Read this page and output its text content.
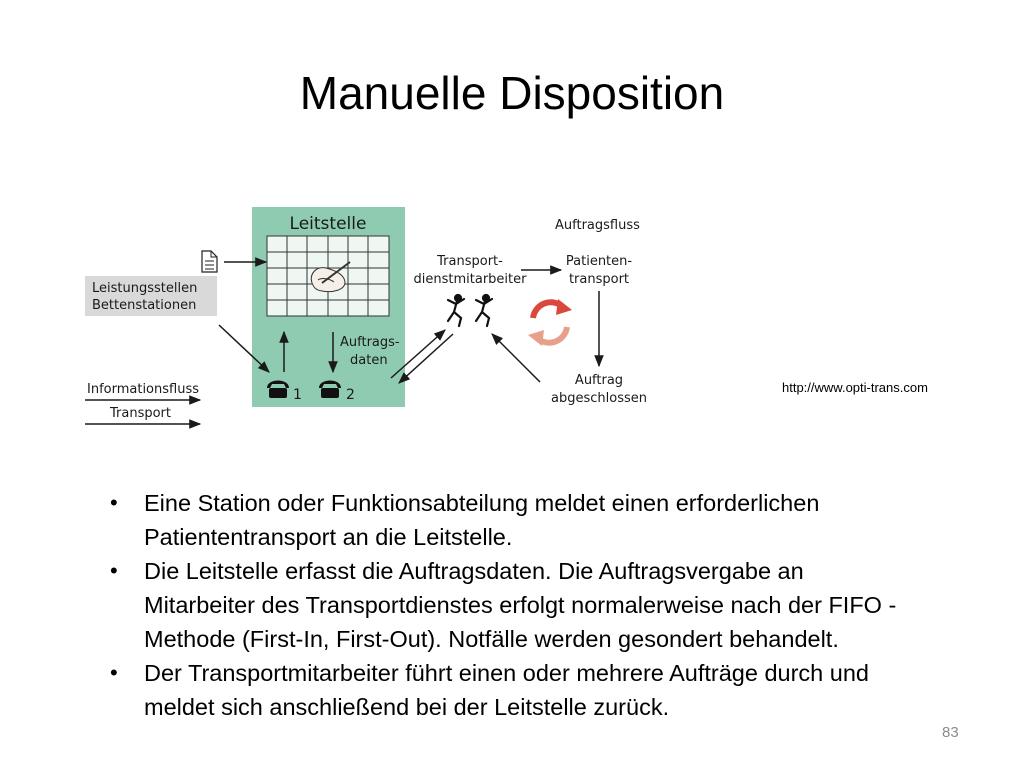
Manuelle Disposition
Leitstelle
Auftrags-
daten
1	2
Leistungsstellen
Bettenstationen
Informationsfluss
Transport
Transport-
dienstmitarbeiter
Auftragsfluss
Patienten-
transport
Auftrag
abgeschlossen
http://www.opti-trans.com
• Eine Station oder Funktionsabteilung meldet einen erforderlichen Patiententransport an die Leitstelle.
• Die Leitstelle erfasst die Auftragsdaten. Die Auftragsvergabe an Mitarbeiter des Transportdienstes erfolgt normalerweise nach der FIFO - Methode (First-In, First-Out). Notfälle werden gesondert behandelt.
• Der Transportmitarbeiter führt einen oder mehrere Aufträge durch und meldet sich anschließend bei der Leitstelle zurück.
83
